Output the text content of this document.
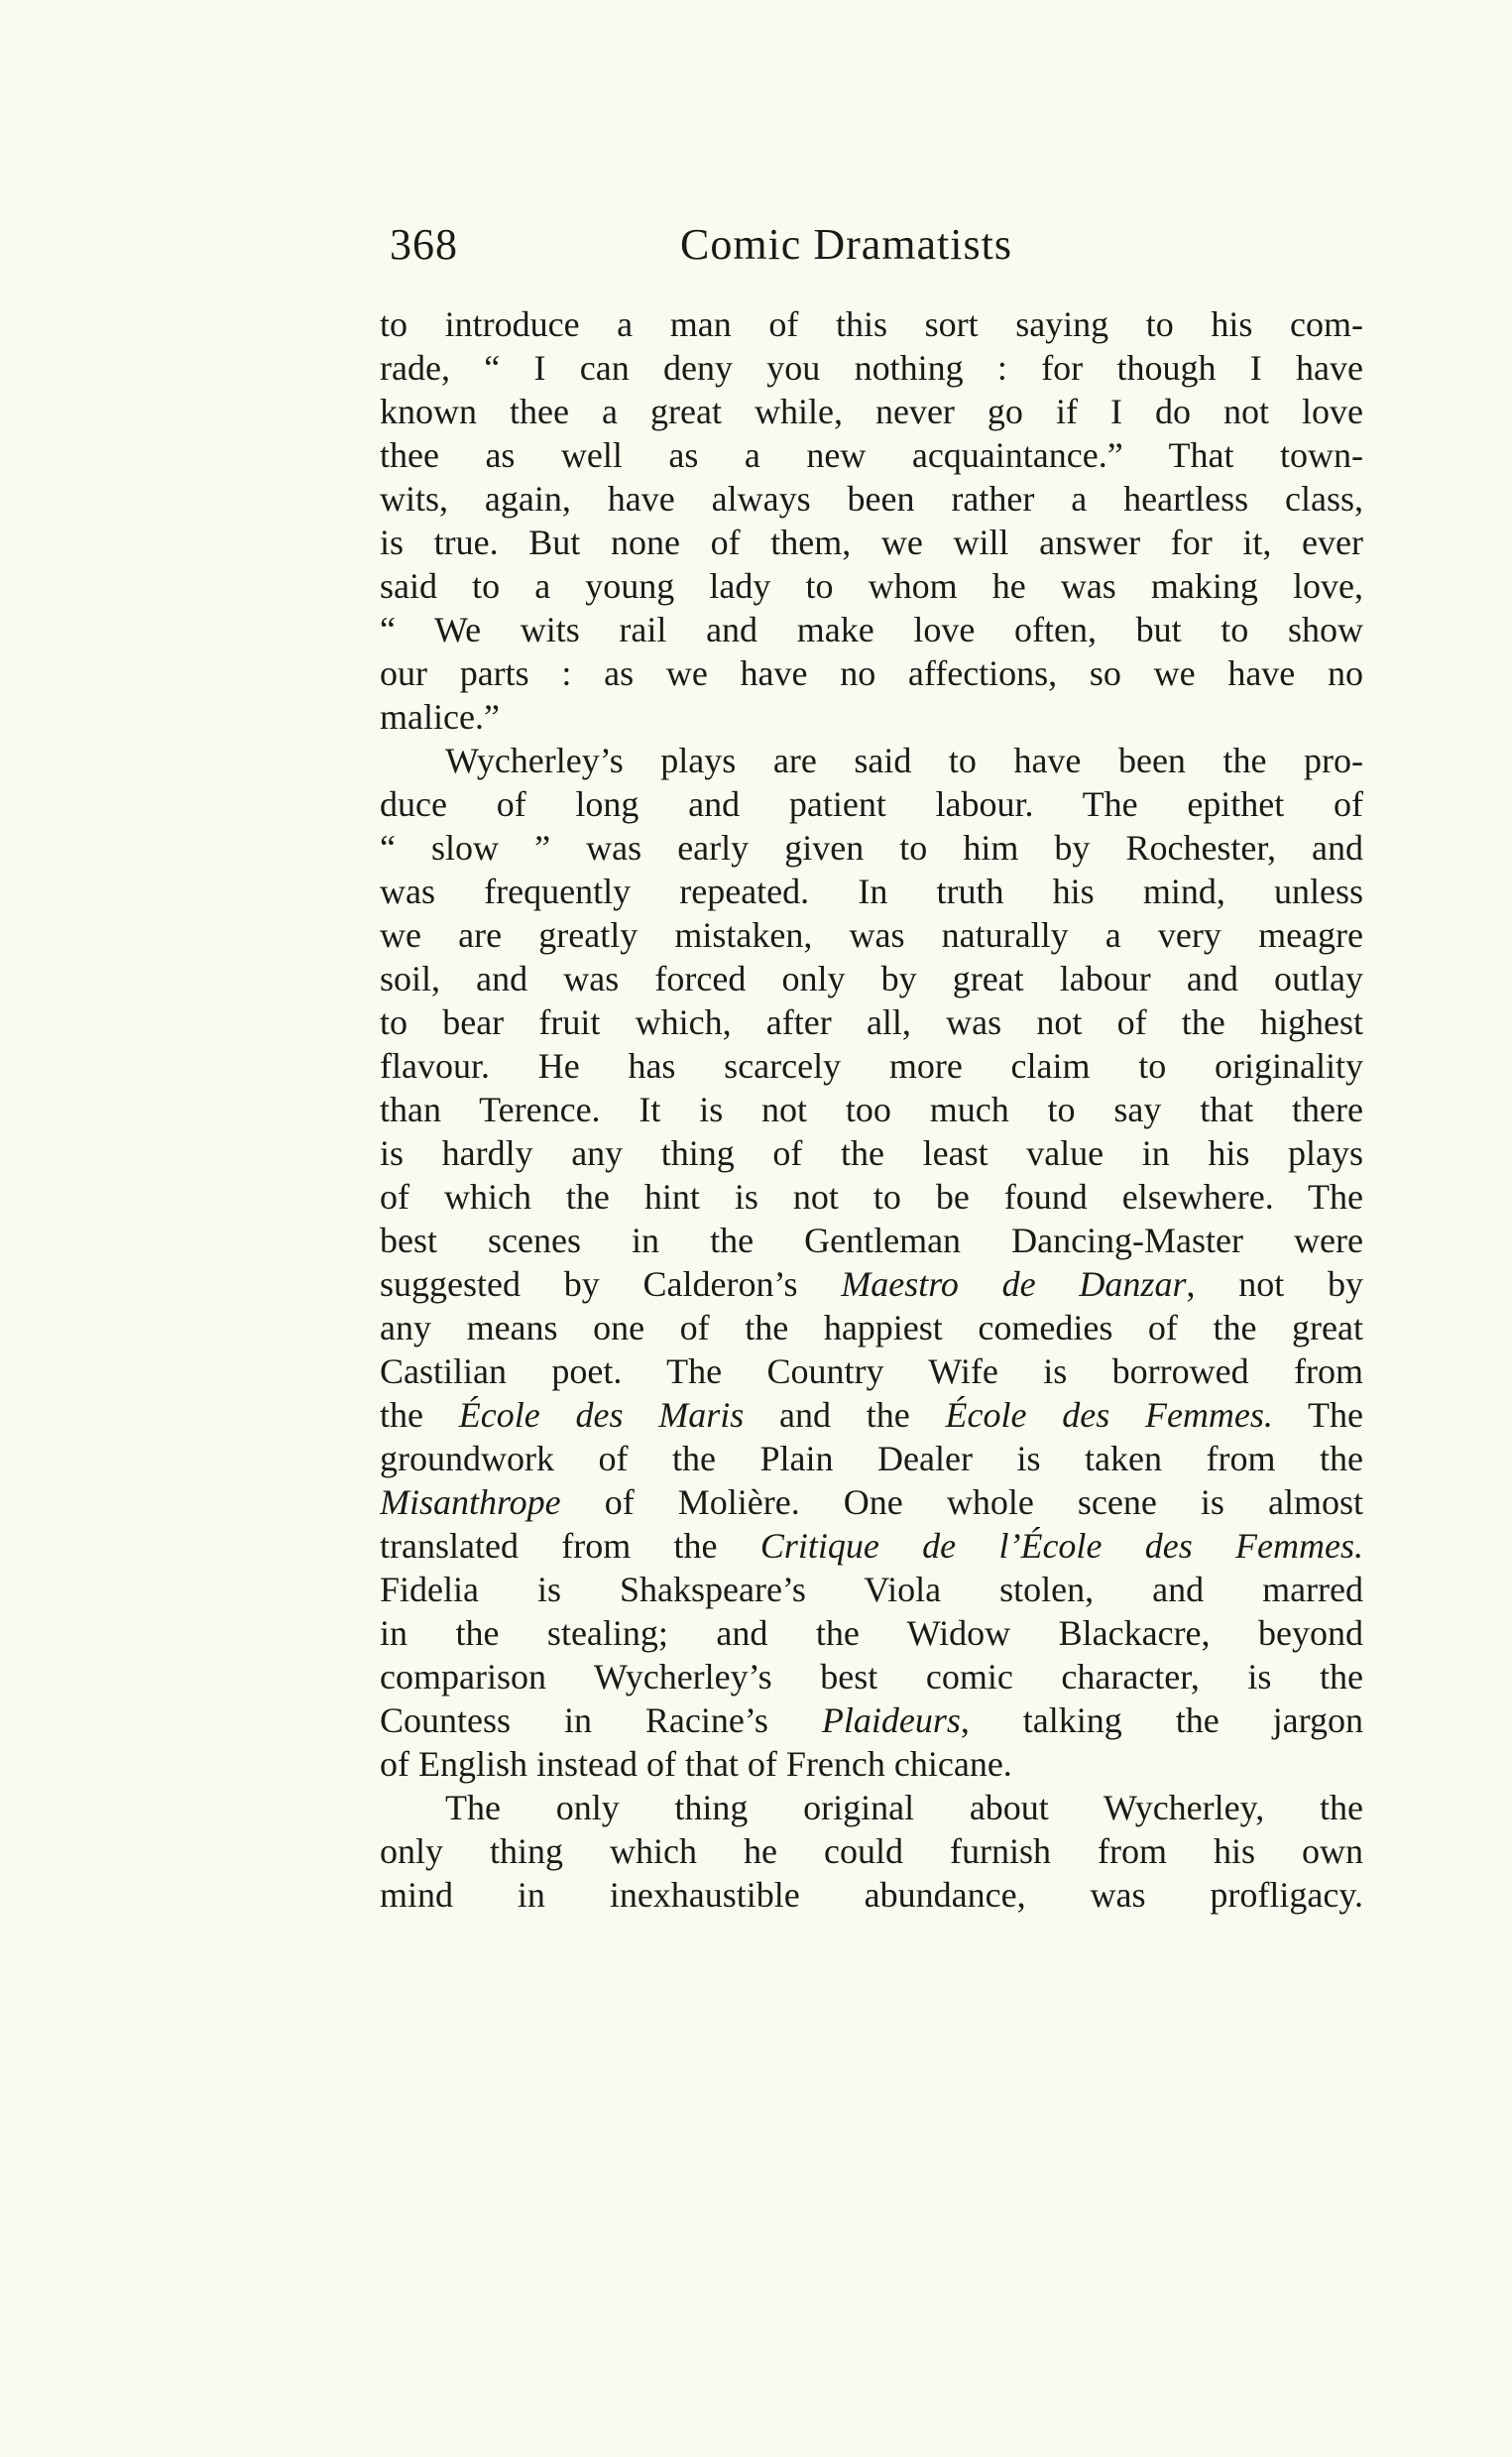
368	Comic Dramatists
to introduce a man of this sort saying to his com-
rade, “ I can deny you nothing : for though I have
known thee a great while, never go if I do not love
thee as well as a new acquaintance.” That town-
wits, again, have always been rather a heartless class,
is true. But none of them, we will answer for it, ever
said to a young lady to whom he was making love,
“ We wits rail and make love often, but to show
our parts : as we have no affections, so we have no
malice.”
Wycherley’s plays are said to have been the pro-
duce of long and patient labour. The epithet of
“ slow ” was early given to him by Rochester, and
was frequently repeated. In truth his mind, unless
we are greatly mistaken, was naturally a very meagre
soil, and was forced only by great labour and outlay
to bear fruit which, after all, was not of the highest
flavour. He has scarcely more claim to originality
than Terence. It is not too much to say that there
is hardly any thing of the least value in his plays
of which the hint is not to be found elsewhere. The
best scenes in the Gentleman Dancing-Master were
suggested by Calderon’s Maestro de Danzar, not by
any means one of the happiest comedies of the great
Castilian poet. The Country Wife is borrowed from
the École des Maris and the École des Femmes. The
groundwork of the Plain Dealer is taken from the
Misanthrope of Molière. One whole scene is almost
translated from the Critique de l’École des Femmes.
Fidelia is Shakspeare’s Viola stolen, and marred
in the stealing; and the Widow Blackacre, beyond
comparison Wycherley’s best comic character, is the
Countess in Racine’s Plaideurs, talking the jargon
of English instead of that of French chicane.
The only thing original about Wycherley, the
only thing which he could furnish from his own
mind in inexhaustible abundance, was profligacy.
